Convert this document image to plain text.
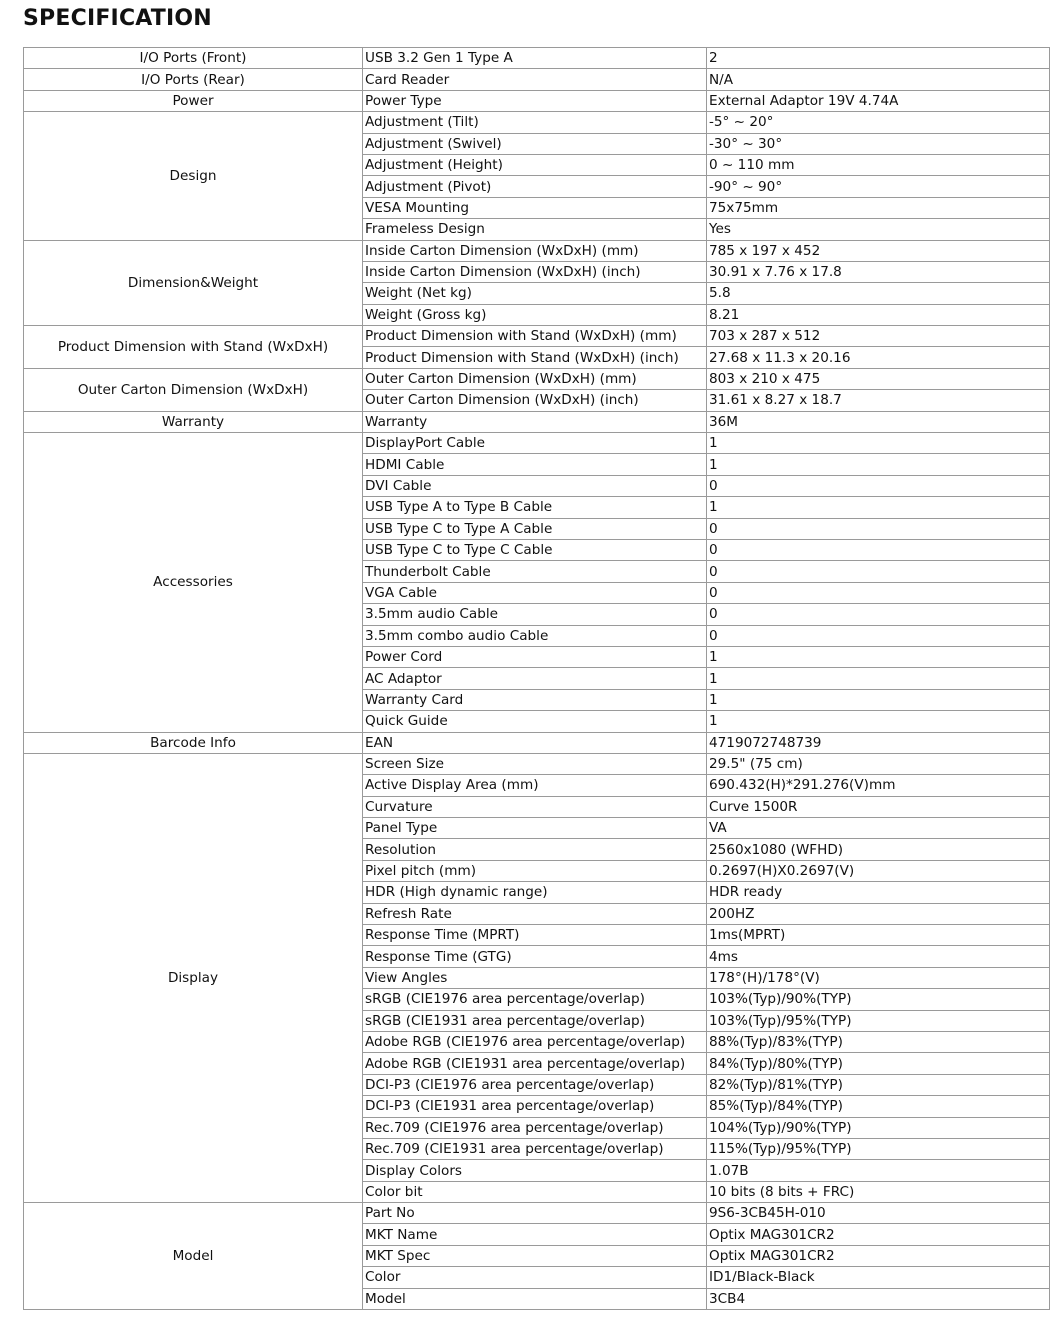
SPECIFICATION
I/O Ports (Front)	USB 3.2 Gen 1 Type A	2
I/O Ports (Rear)	Card Reader	N/A
Power	Power Type	External Adaptor 19V 4.74A
Design	Adjustment (Tilt)	-5° ~ 20°
	Adjustment (Swivel)	-30° ~ 30°
	Adjustment (Height)	0 ~ 110 mm
	Adjustment (Pivot)	-90° ~ 90°
	VESA Mounting	75x75mm
	Frameless Design	Yes
Dimension&Weight	Inside Carton Dimension (WxDxH) (mm)	785 x 197 x 452
	Inside Carton Dimension (WxDxH) (inch)	30.91 x 7.76 x 17.8
	Weight (Net kg)	5.8
	Weight (Gross kg)	8.21
Product Dimension with Stand (WxDxH)	Product Dimension with Stand (WxDxH) (mm)	703 x 287 x 512
	Product Dimension with Stand (WxDxH) (inch)	27.68 x 11.3 x 20.16
Outer Carton Dimension (WxDxH)	Outer Carton Dimension (WxDxH) (mm)	803 x 210 x 475
	Outer Carton Dimension (WxDxH) (inch)	31.61 x 8.27 x 18.7
Warranty	Warranty	36M
Accessories	DisplayPort Cable	1
	HDMI Cable	1
	DVI Cable	0
	USB Type A to Type B Cable	1
	USB Type C to Type A Cable	0
	USB Type C to Type C Cable	0
	Thunderbolt Cable	0
	VGA Cable	0
	3.5mm audio Cable	0
	3.5mm combo audio Cable	0
	Power Cord	1
	AC Adaptor	1
	Warranty Card	1
	Quick Guide	1
Barcode Info	EAN	4719072748739
Display	Screen Size	29.5" (75 cm)
	Active Display Area (mm)	690.432(H)*291.276(V)mm
	Curvature	Curve 1500R
	Panel Type	VA
	Resolution	2560x1080 (WFHD)
	Pixel pitch (mm)	0.2697(H)X0.2697(V)
	HDR (High dynamic range)	HDR ready
	Refresh Rate	200HZ
	Response Time (MPRT)	1ms(MPRT)
	Response Time (GTG)	4ms
	View Angles	178°(H)/178°(V)
	sRGB (CIE1976 area percentage/overlap)	103%(Typ)/90%(TYP)
	sRGB (CIE1931 area percentage/overlap)	103%(Typ)/95%(TYP)
	Adobe RGB (CIE1976 area percentage/overlap)	88%(Typ)/83%(TYP)
	Adobe RGB (CIE1931 area percentage/overlap)	84%(Typ)/80%(TYP)
	DCI-P3 (CIE1976 area percentage/overlap)	82%(Typ)/81%(TYP)
	DCI-P3 (CIE1931 area percentage/overlap)	85%(Typ)/84%(TYP)
	Rec.709 (CIE1976 area percentage/overlap)	104%(Typ)/90%(TYP)
	Rec.709 (CIE1931 area percentage/overlap)	115%(Typ)/95%(TYP)
	Display Colors	1.07B
	Color bit	10 bits (8 bits + FRC)
Model	Part No	9S6-3CB45H-010
	MKT Name	Optix MAG301CR2
	MKT Spec	Optix MAG301CR2
	Color	ID1/Black-Black
	Model	3CB4
